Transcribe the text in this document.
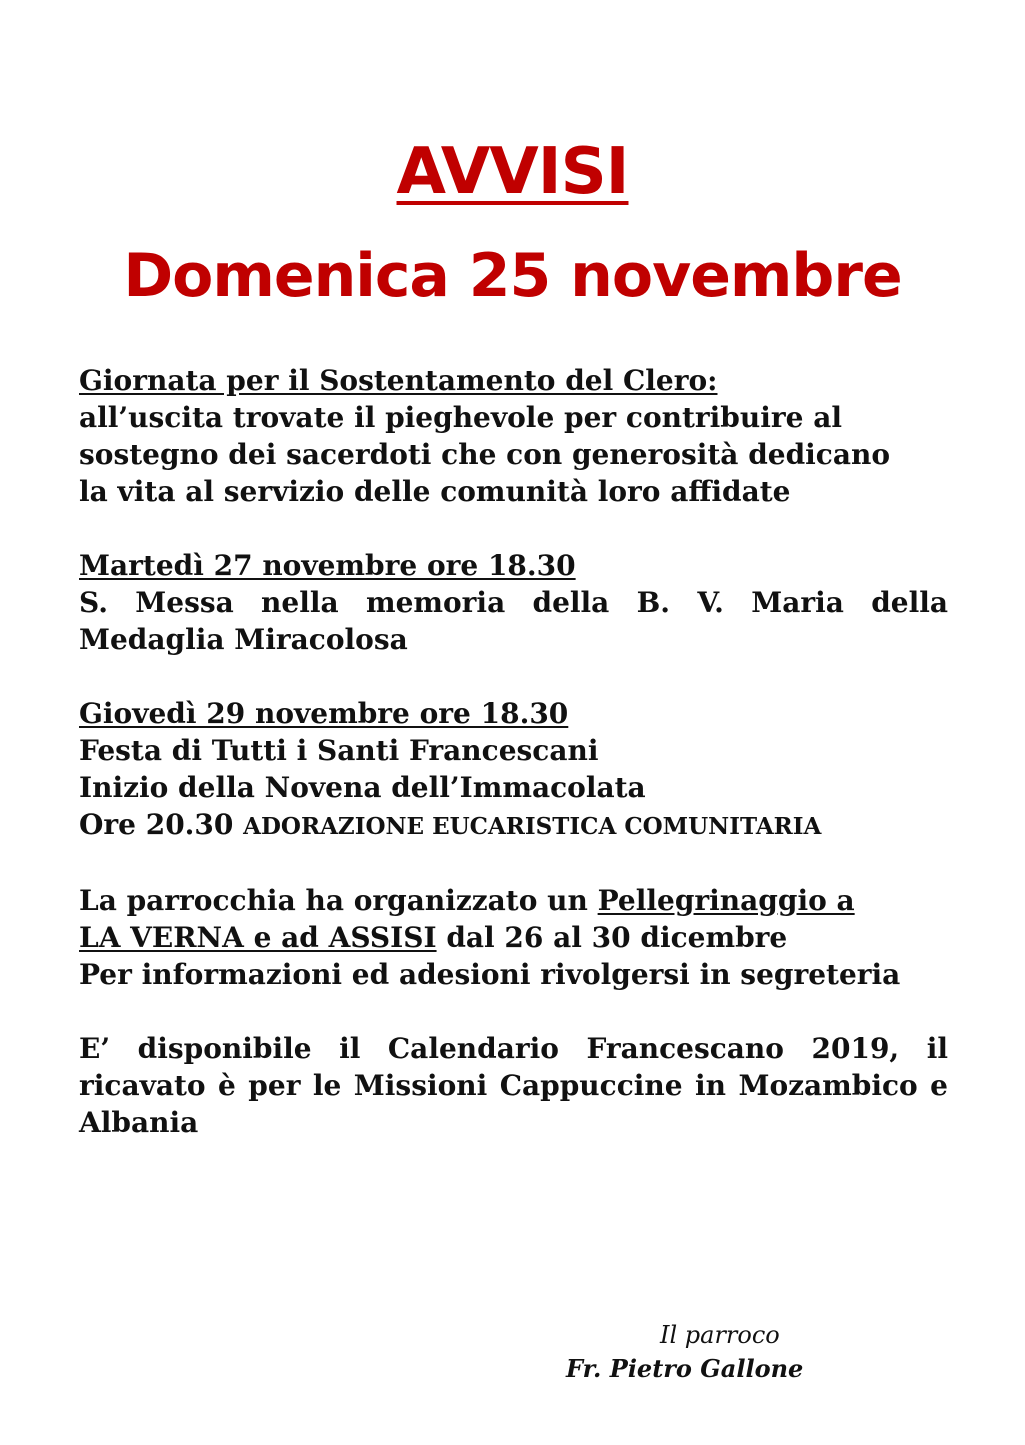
AVVISI
Domenica 25 novembre
Giornata per il Sostentamento del Clero:
all’uscita trovate il pieghevole per contribuire al
sostegno dei sacerdoti che con generosità dedicano
la vita al servizio delle comunità loro affidate
Martedì 27 novembre ore 18.30
S. Messa nella memoria della B. V. Maria della Medaglia Miracolosa
Giovedì 29 novembre ore 18.30
Festa di Tutti i Santi Francescani
Inizio della Novena dell’Immacolata
Ore 20.30 ADORAZIONE EUCARISTICA COMUNITARIA
La parrocchia ha organizzato un Pellegrinaggio a
LA VERNA e ad ASSISI dal 26 al 30 dicembre
Per informazioni ed adesioni rivolgersi in segreteria
E’ disponibile il Calendario Francescano 2019, il ricavato è per le Missioni Cappuccine in Mozambico e Albania
Il parroco
Fr. Pietro Gallone
